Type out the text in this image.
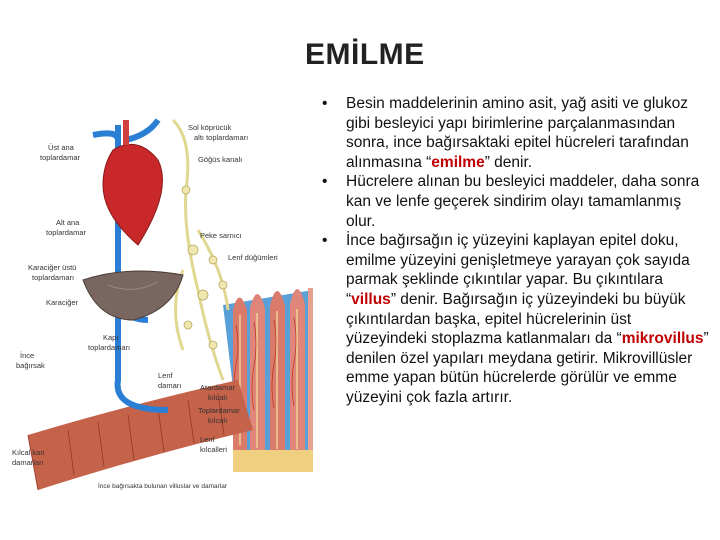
EMİLME
Üst ana
toplardamar
Sol köprücük
altı toplardamarı
Göğüs kanalı
Alt ana
toplardamar	Peke sarnıcı
Lenf düğümleri
Karaciğer üstü
toplardamarı
Karaciğer
Kapı
toplardamarı
İnce
bağırsak
Lenf
damarı Atardamar
kılcalı
Toplardamar
kılcalı
Lenf
kılcalleri
Kılcal kan
damarları
İnce bağırsakta bulunan villuslar ve damarlar
•	Besin maddelerinin amino asit, yağ asiti ve glukoz gibi besleyici yapı birimlerine parçalanmasından sonra, ince bağırsaktaki epitel hücreleri tarafından alınmasına “emilme” denir.
•	Hücrelere alınan bu besleyici maddeler, daha sonra kan ve lenfe geçerek sindirim olayı tamamlanmış olur.
•	İnce bağırsağın iç yüzeyini kaplayan epitel doku, emilme yüzeyini genişletmeye yarayan çok sayıda parmak şeklinde çıkıntılar yapar. Bu çıkıntılara “villus” denir. Bağırsağın iç yüzeyindeki bu büyük çıkıntılardan başka, epitel hücrelerinin üst yüzeyindeki stoplazma katlanmaları da “mikrovillus” denilen özel yapıları meydana getirir. Mikrovillüsler emme yapan bütün hücrelerde görülür ve emme yüzeyini çok fazla artırır.
